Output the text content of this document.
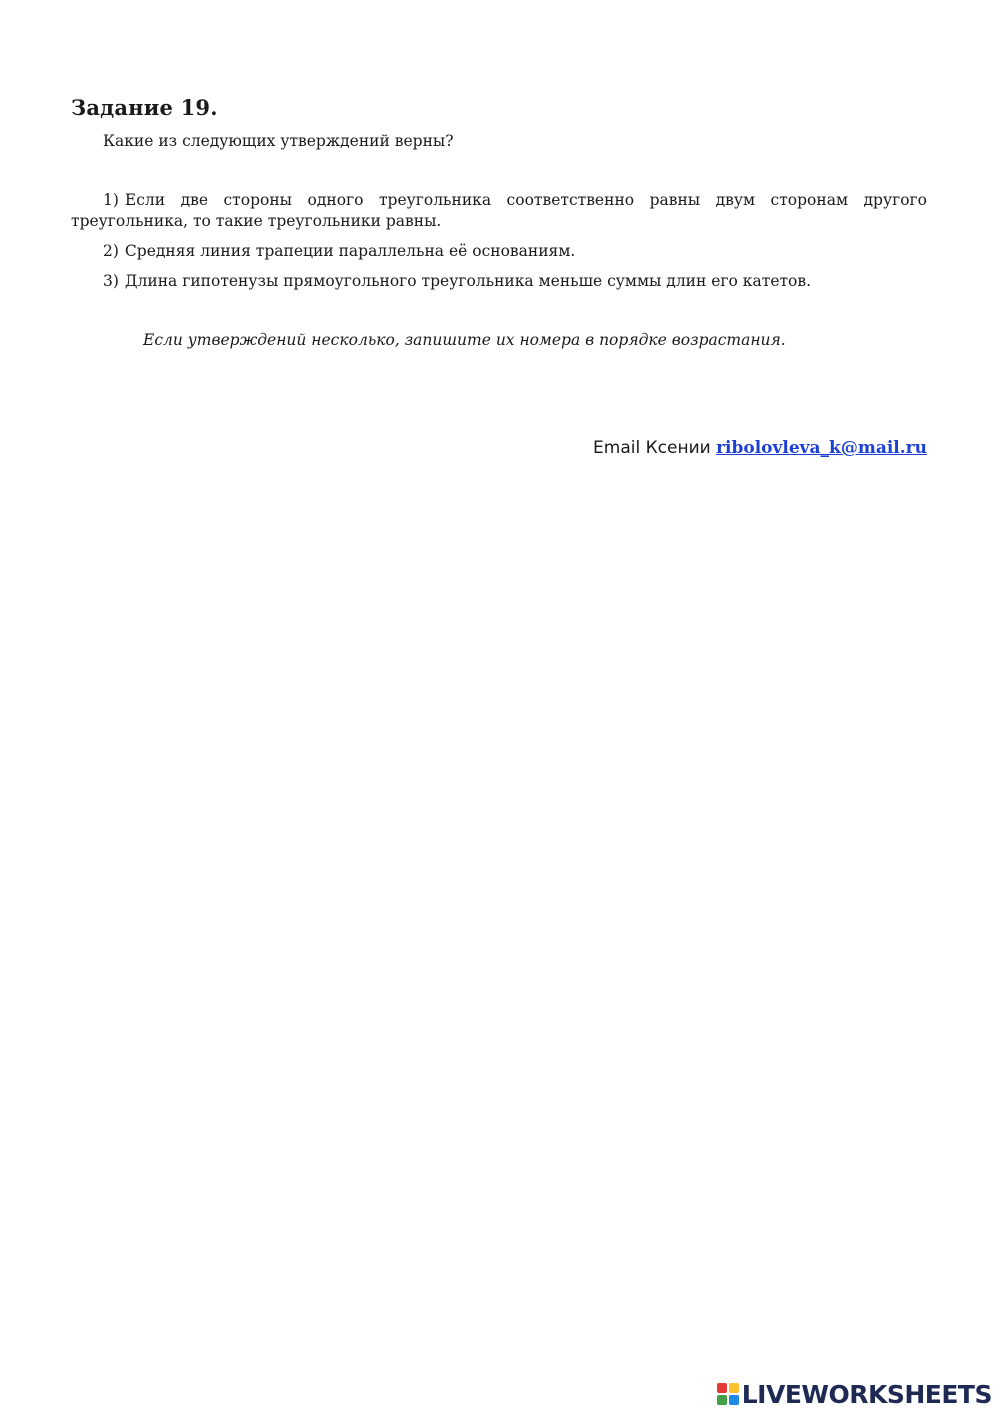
Задание 19.
Какие из следующих утверждений верны?

1) Если две стороны одного треугольника соответственно равны двум сторонам другого треугольника, то такие треугольники равны.

2) Средняя линия трапеции параллельна её основаниям.

3) Длина гипотенузы прямоугольного треугольника меньше суммы длин его катетов.

Если утверждений несколько, запишите их номера в порядке возрастания.
Email Ксении ribolovleva_k@mail.ru
LIVEWORKSHEETS
